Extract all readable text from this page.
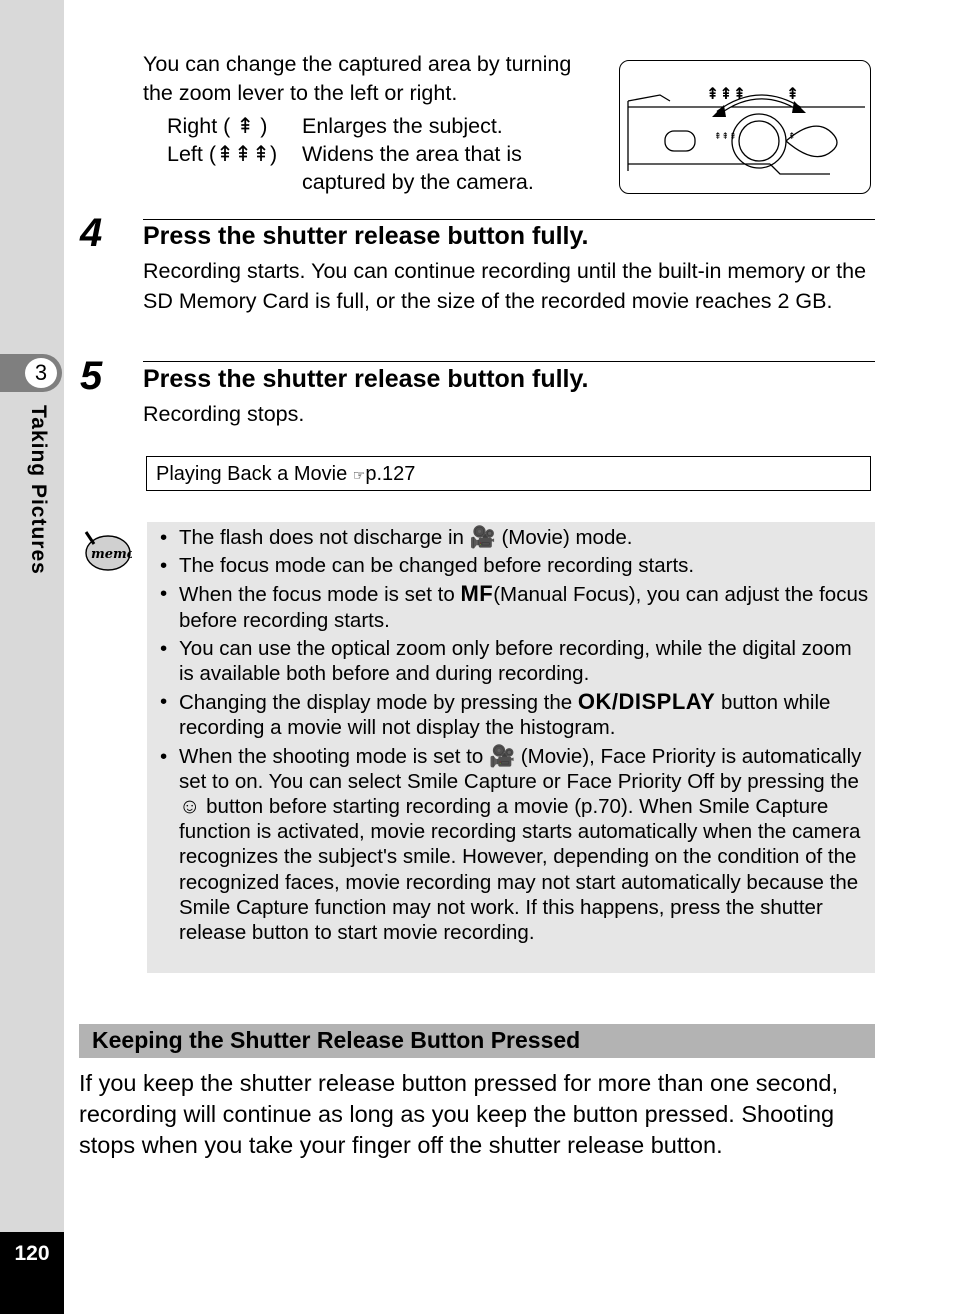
3
Taking Pictures
120
You can change the captured area by turning the zoom lever to the left or right.
Right ( ⇞ )	Enlarges the subject.
Left (⇞⇞⇞)	Widens the area that is captured by the camera.
⇞⇞⇞ ⇞
⇞⇞⇞	⇞
4 Press the shutter release button fully.
Recording starts. You can continue recording until the built-in memory or the SD Memory Card is full, or the size of the recorded movie reaches 2 GB.
5 Press the shutter release button fully.
Recording stops.
Playing Back a Movie ☞p.127
memo
• The flash does not discharge in 🎥 (Movie) mode.
• The focus mode can be changed before recording starts.
• When the focus mode is set to MF(Manual Focus), you can adjust the focus before recording starts.
• You can use the optical zoom only before recording, while the digital zoom is available both before and during recording.
• Changing the display mode by pressing the OK/DISPLAY button while recording a movie will not display the histogram.
• When the shooting mode is set to 🎥 (Movie), Face Priority is automatically set to on. You can select Smile Capture or Face Priority Off by pressing the ☺ button before starting recording a movie (p.70). When Smile Capture function is activated, movie recording starts automatically when the camera recognizes the subject's smile. However, depending on the condition of the recognized faces, movie recording may not start automatically because the Smile Capture function may not work. If this happens, press the shutter release button to start movie recording.
Keeping the Shutter Release Button Pressed
If you keep the shutter release button pressed for more than one second, recording will continue as long as you keep the button pressed. Shooting stops when you take your finger off the shutter release button.
